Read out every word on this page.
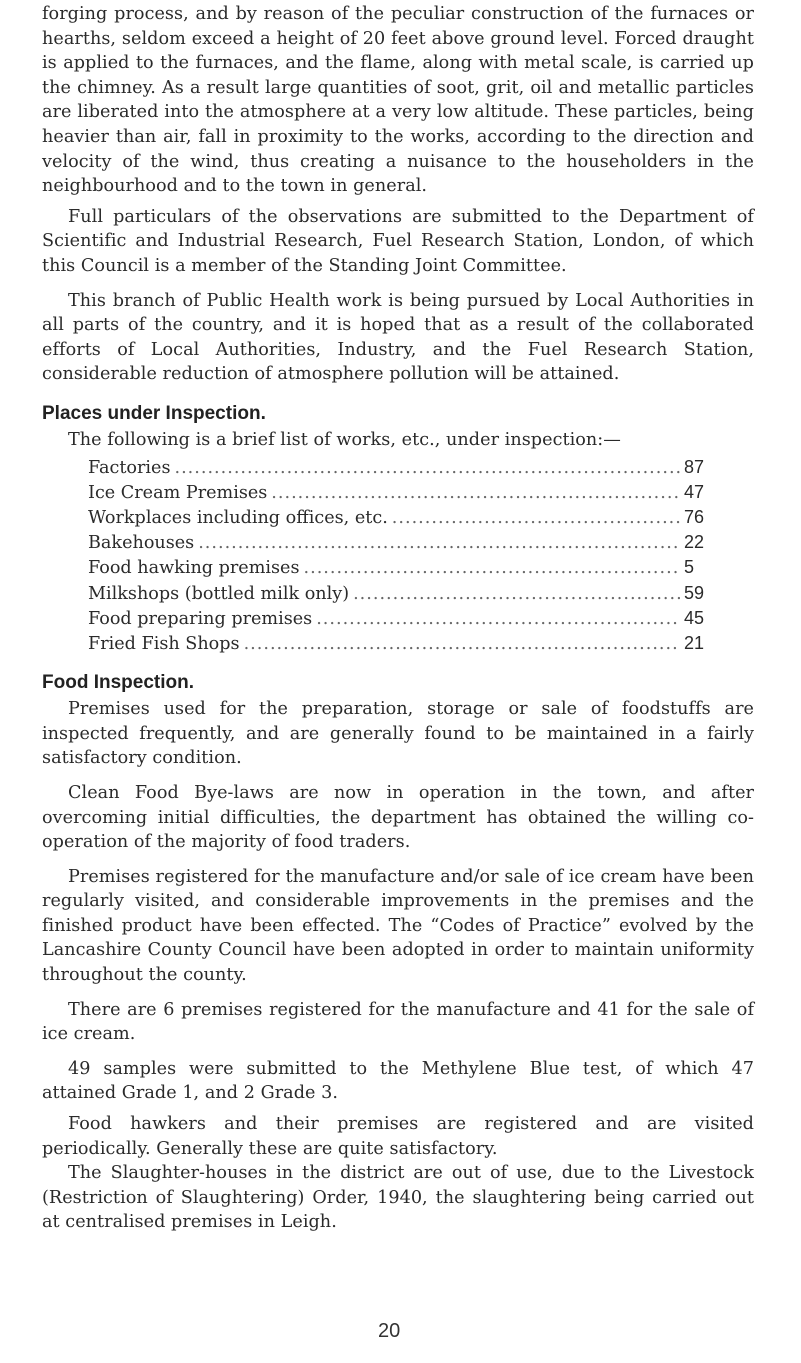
forging process, and by reason of the peculiar construction of the furnaces or hearths, seldom exceed a height of 20 feet above ground level. Forced draught is applied to the furnaces, and the flame, along with metal scale, is carried up the chimney. As a result large quantities of soot, grit, oil and metallic particles are liberated into the atmosphere at a very low altitude. These particles, being heavier than air, fall in proximity to the works, according to the direction and velocity of the wind, thus creating a nuisance to the householders in the neighbourhood and to the town in general.

Full particulars of the observations are submitted to the Department of Scientific and Industrial Research, Fuel Research Station, London, of which this Council is a member of the Standing Joint Committee.

This branch of Public Health work is being pursued by Local Authorities in all parts of the country, and it is hoped that as a result of the collaborated efforts of Local Authorities, Industry, and the Fuel Research Station, considerable reduction of atmosphere pollution will be attained.

Places under Inspection.

The following is a brief list of works, etc., under inspection:—

Factories .....	87
Ice Cream Premises .....	47
Workplaces including offices, etc. .....	76
Bakehouses .....	22
Food hawking premises .....	5
Milkshops (bottled milk only) .....	59
Food preparing premises .....	45
Fried Fish Shops .....	21
Food Inspection.

Premises used for the preparation, storage or sale of foodstuffs are inspected frequently, and are generally found to be maintained in a fairly satisfactory condition.

Clean Food Bye-laws are now in operation in the town, and after overcoming initial difficulties, the department has obtained the willing co-operation of the majority of food traders.

Premises registered for the manufacture and/or sale of ice cream have been regularly visited, and considerable improvements in the premises and the finished product have been effected. The “Codes of Practice” evolved by the Lancashire County Council have been adopted in order to maintain uniformity throughout the county.

There are 6 premises registered for the manufacture and 41 for the sale of ice cream.

49 samples were submitted to the Methylene Blue test, of which 47 attained Grade 1, and 2 Grade 3.

Food hawkers and their premises are registered and are visited periodically. Generally these are quite satisfactory.

The Slaughter-houses in the district are out of use, due to the Livestock (Restriction of Slaughtering) Order, 1940, the slaughtering being carried out at centralised premises in Leigh.

20
